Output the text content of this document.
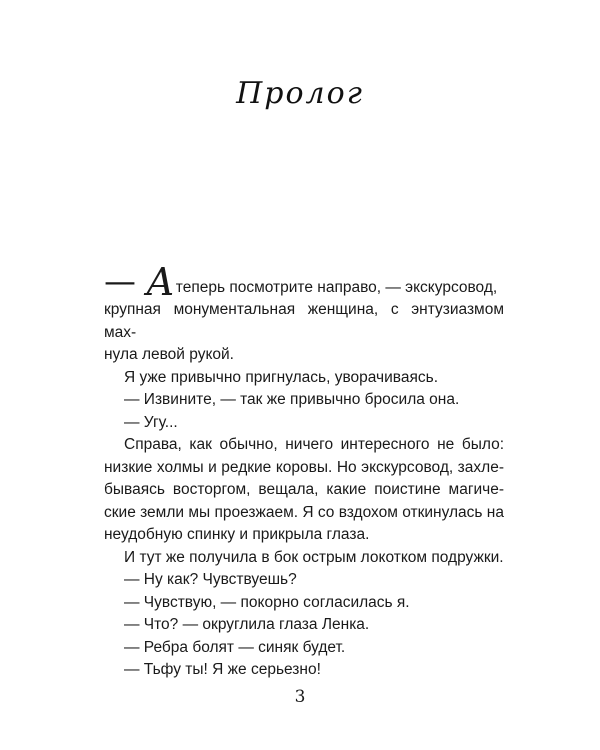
Пролог
— А теперь посмотрите направо, — экскурсовод,
крупная монументальная женщина, с энтузиазмом мах-
нула левой рукой.
Я уже привычно пригнулась, уворачиваясь.
— Извините, — так же привычно бросила она.
— Угу...
Справа, как обычно, ничего интересного не было:
низкие холмы и редкие коровы. Но экскурсовод, захле-
бываясь восторгом, вещала, какие поистине магиче-
ские земли мы проезжаем. Я со вздохом откинулась на
неудобную спинку и прикрыла глаза.
И тут же получила в бок острым локотком подружки.
— Ну как? Чувствуешь?
— Чувствую, — покорно согласилась я.
— Что? — округлила глаза Ленка.
— Ребра болят — синяк будет.
— Тьфу ты! Я же серьезно!
3
